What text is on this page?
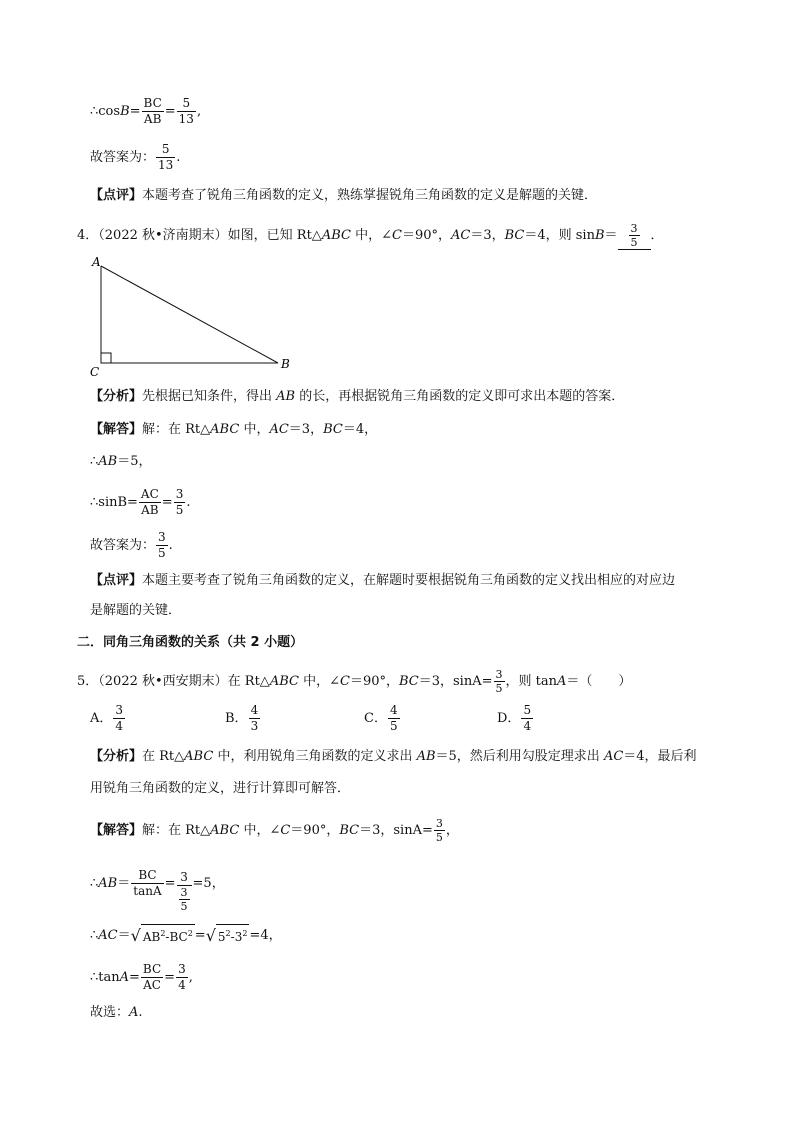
∴cosB= $\frac{BC}{AB} = \frac{5}{13}$ ,
故答案为： $\frac{5}{13}$ .
【点评】本题考查了锐角三角函数的定义，熟练掌握锐角三角函数的定义是解题的关键．
4．（2022 秋•济南期末）如图，已知 Rt△ABC 中，∠C＝90°，AC＝3，BC＝4，则 $\sin B= \frac{3}{5}$ ．
A
B
C
【分析】先根据已知条件，得出 AB 的长，再根据锐角三角函数的定义即可求出本题的答案．
【解答】解：在 Rt△ABC 中，AC＝3，BC＝4，
∴AB＝5，
∴sinB= $\frac{AC}{AB} = \frac{3}{5}$ .
故答案为： $\frac{3}{5}$ .
【点评】本题主要考查了锐角三角函数的定义，在解题时要根据锐角三角函数的定义找出相应的对应边
是解题的关键．
二．同角三角函数的关系（共 2 小题）
5．（2022 秋•西安期末）在 Rt△ABC 中，∠C＝90°，BC＝3，$\sin A= \frac{3}{5}$ ，则 tanA＝（　　）
A． $\frac{3}{4}$	B． $\frac{4}{3}$	C． $\frac{4}{5}$	D． $\frac{5}{4}$
【分析】在 Rt△ABC 中，利用锐角三角函数的定义求出 AB＝5，然后利用勾股定理求出 AC＝4，最后利
用锐角三角函数的定义，进行计算即可解答．
【解答】解：在 Rt△ABC 中，∠C＝90°，BC＝3，$\sin A= \frac{3}{5}$ ，
∴AB＝ $\frac{BC}{\tan A} = \frac{3}{\frac{3}{5}} =5$，
∴AC＝√ $AB^2-BC^2$ =√ $5^2-3^2 =4$，
∴tanA= $\frac{BC}{AC} = \frac{3}{4}$ ,
故选：A.
